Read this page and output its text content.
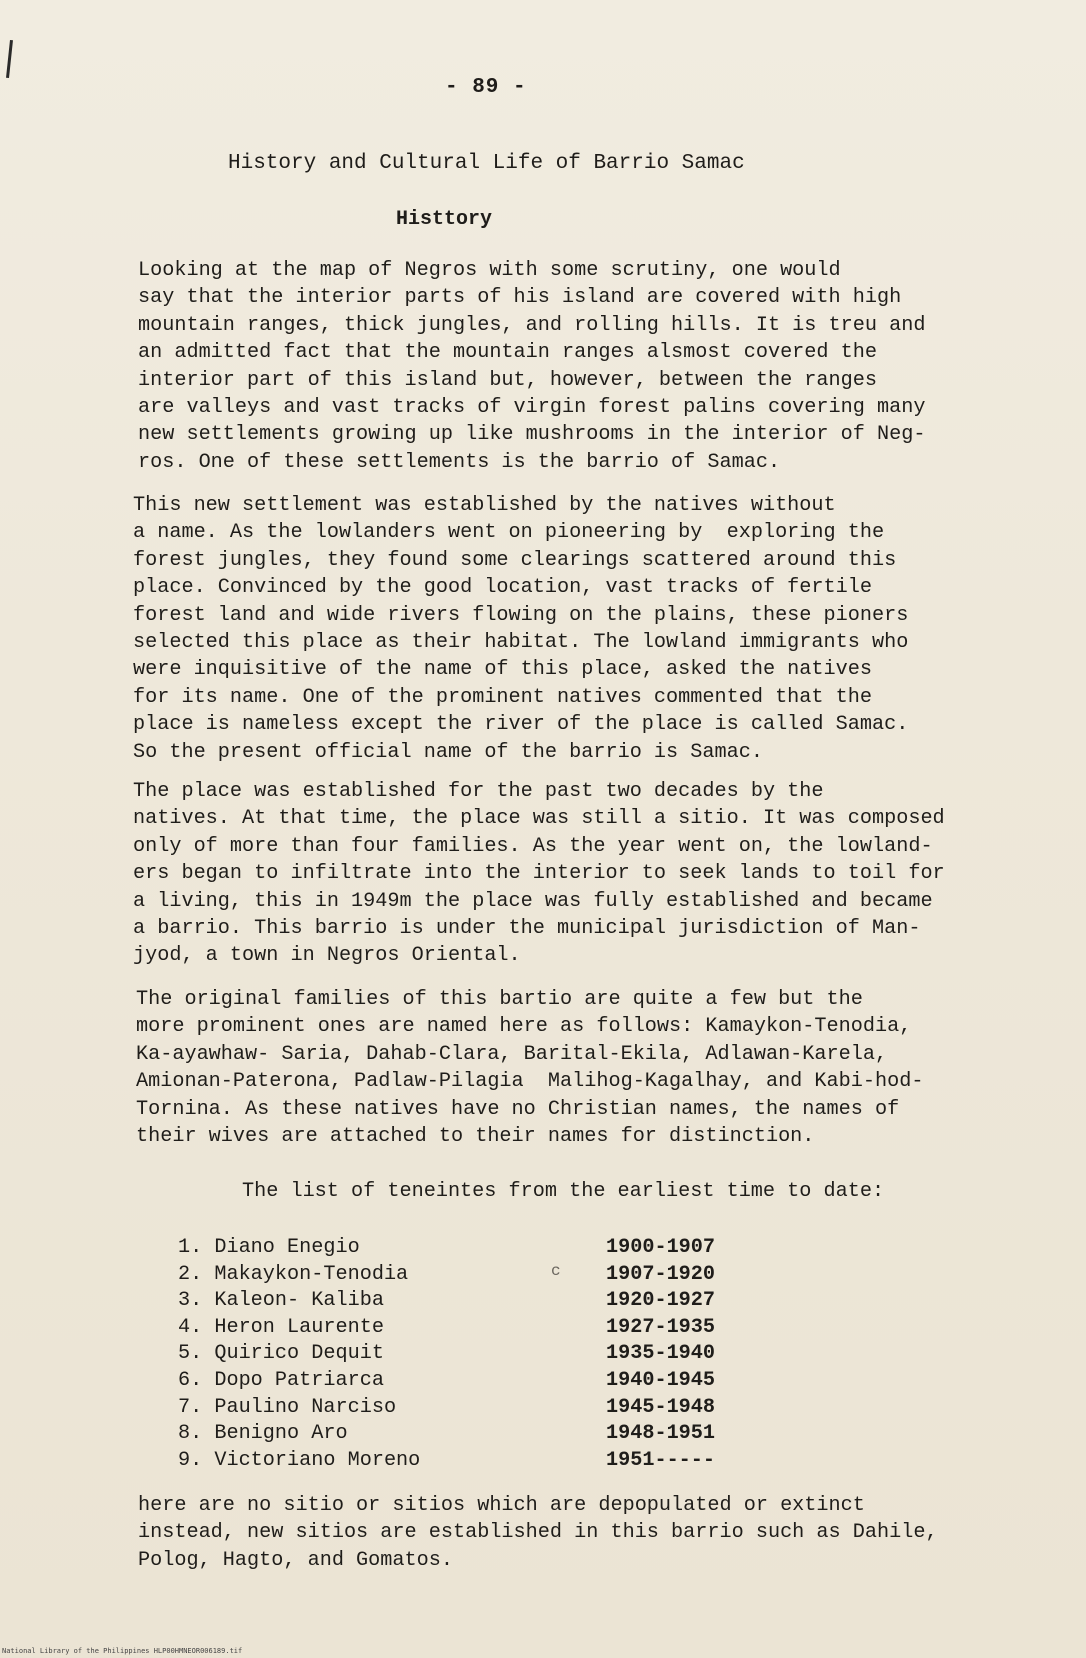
- 89 -
History and Cultural Life of Barrio Samac
Histtory

Looking at the map of Negros with some scrutiny, one would
say that the interior parts of his island are covered with high
mountain ranges, thick jungles, and rolling hills. It is treu and
an admitted fact that the mountain ranges alsmost covered the
interior part of this island but, however, between the ranges
are valleys and vast tracks of virgin forest palins covering many
new settlements growing up like mushrooms in the interior of Neg-
ros. One of these settlements is the barrio of Samac.

This new settlement was established by the natives without
a name. As the lowlanders went on pioneering by  exploring the
forest jungles, they found some clearings scattered around this
place. Convinced by the good location, vast tracks of fertile
forest land and wide rivers flowing on the plains, these pioners
selected this place as their habitat. The lowland immigrants who
were inquisitive of the name of this place, asked the natives
for its name. One of the prominent natives commented that the
place is nameless except the river of the place is called Samac.
So the present official name of the barrio is Samac.

The place was established for the past two decades by the
natives. At that time, the place was still a sitio. It was composed
only of more than four families. As the year went on, the lowland-
ers began to infiltrate into the interior to seek lands to toil for
a living, this in 1949m the place was fully established and became
a barrio. This barrio is under the municipal jurisdiction of Man-
jyod, a town in Negros Oriental.

The original families of this bartio are quite a few but the
more prominent ones are named here as follows: Kamaykon-Tenodia,
Ka-ayawhaw- Saria, Dahab-Clara, Barital-Ekila, Adlawan-Karela,
Amionan-Paterona, Padlaw-Pilagia  Malihog-Kagalhay, and Kabi-hod-
Tornina. As these natives have no Christian names, the names of
their wives are attached to their names for distinction.

The list of teneintes from the earliest time to date:
1. Diano Enegio	1900-1907
2. Makaykon-Tenodia	1907-1920
3. Kaleon- Kaliba	1920-1927
4. Heron Laurente	1927-1935
5. Quirico Dequit	1935-1940
6. Dopo Patriarca	1940-1945
7. Paulino Narciso	1945-1948
8. Benigno Aro	1948-1951
9. Victoriano Moreno	1951-----
c

here are no sitio or sitios which are depopulated or extinct
instead, new sitios are established in this barrio such as Dahile,
Polog, Hagto, and Gomatos.

National Library of the Philippines HLP00HMNEOR006189.tif
